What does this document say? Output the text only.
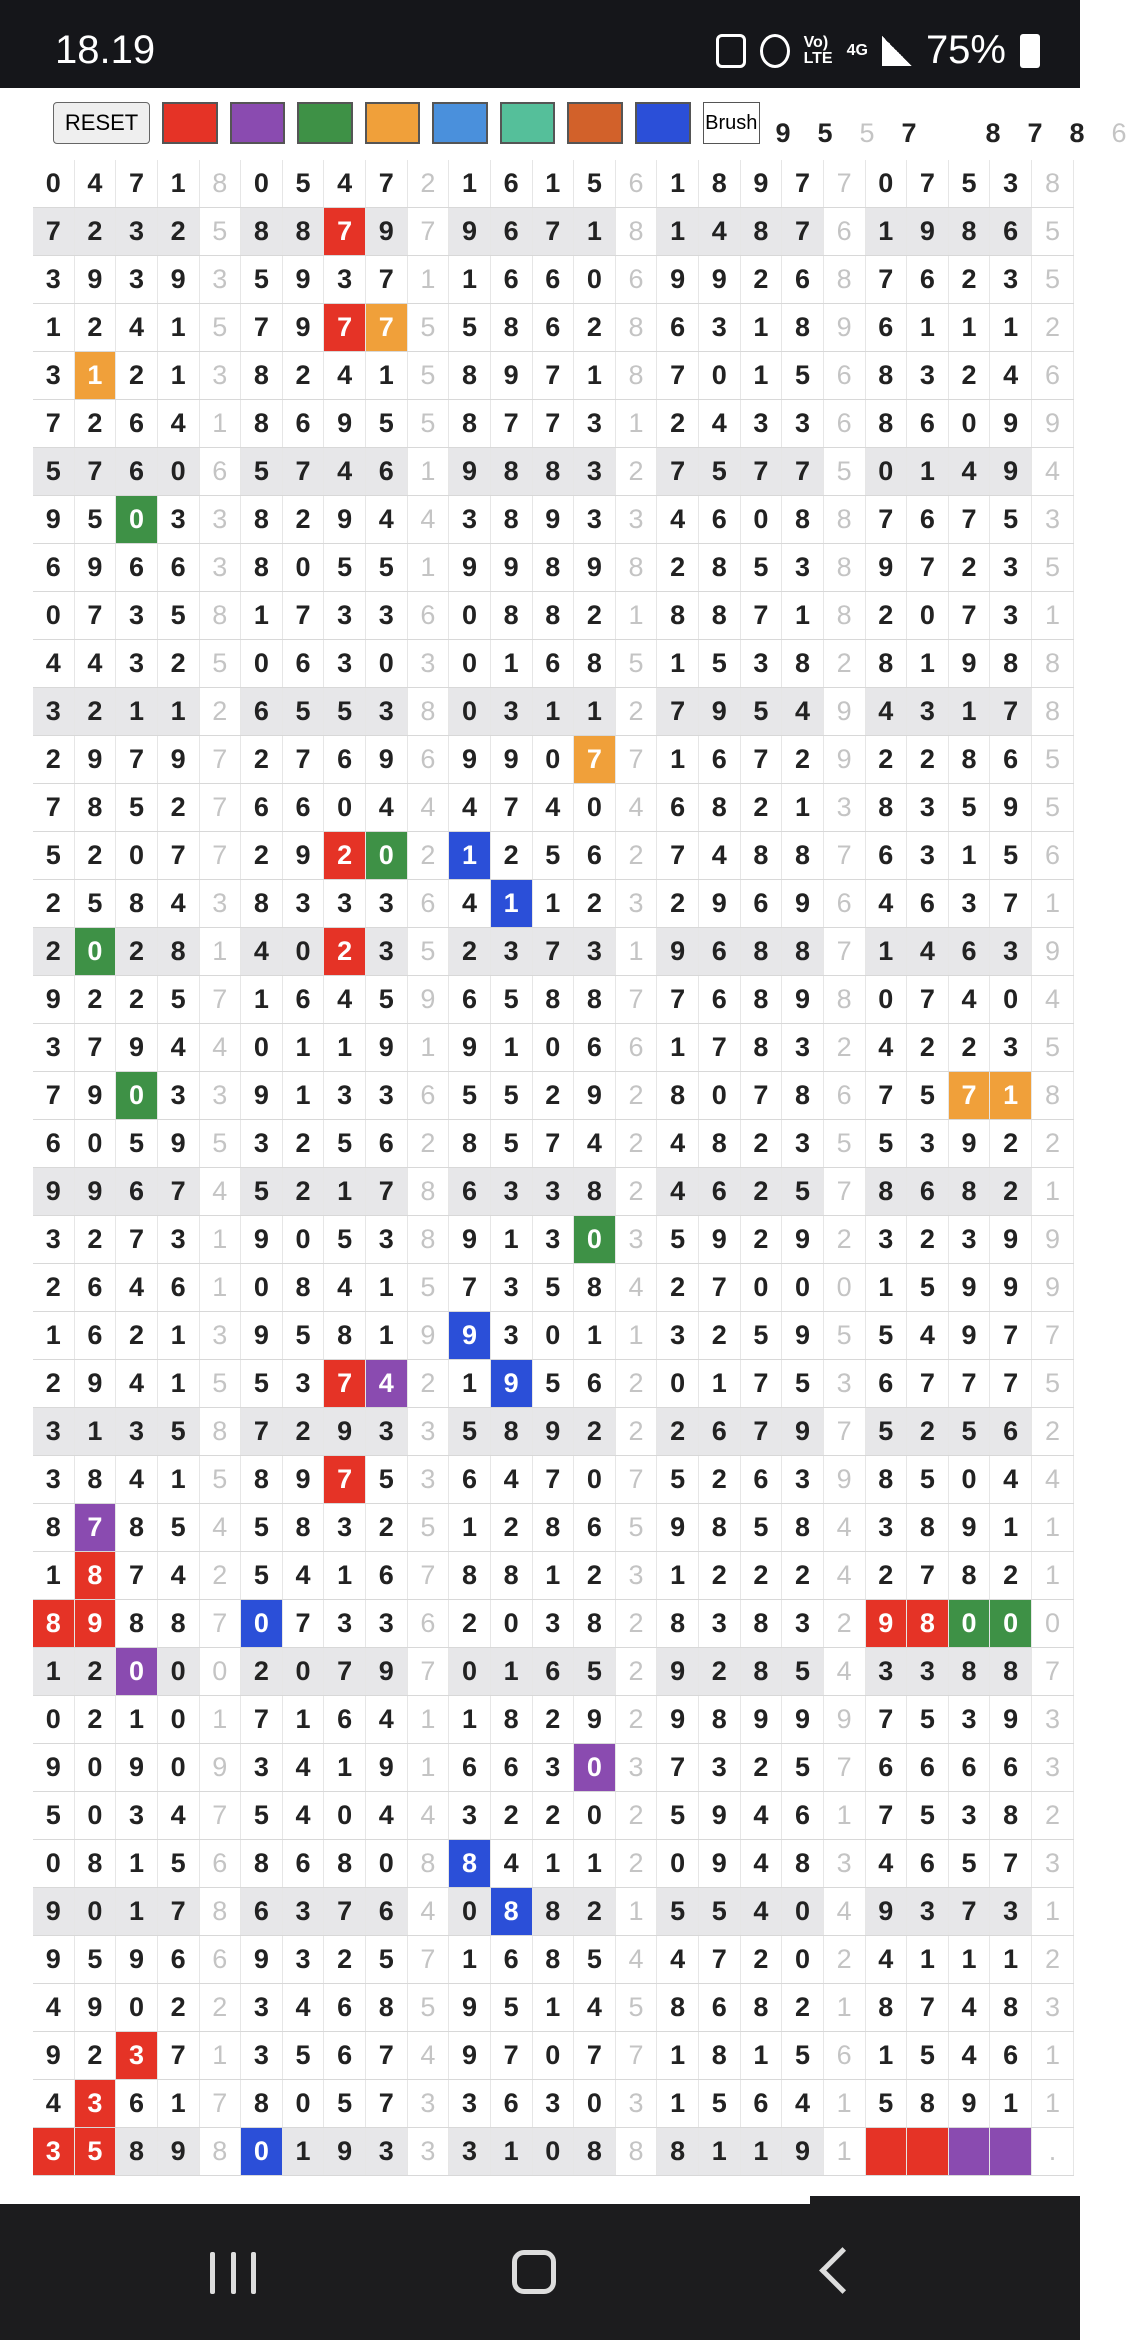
18.19	Vo)
LTE 4G 75%
9 5 5 7	8 7 8 6
RESET	Brush
0	4	7	1	8	0	5	4	7	2	1	6	1	5	6	1	8	9	7	7	0	7	5	3	8
7	2	3	2	5	8	8	7	9	7	9	6	7	1	8	1	4	8	7	6	1	9	8	6	5
3	9	3	9	3	5	9	3	7	1	1	6	6	0	6	9	9	2	6	8	7	6	2	3	5
1	2	4	1	5	7	9	7	7	5	5	8	6	2	8	6	3	1	8	9	6	1	1	1	2
3	1	2	1	3	8	2	4	1	5	8	9	7	1	8	7	0	1	5	6	8	3	2	4	6
7	2	6	4	1	8	6	9	5	5	8	7	7	3	1	2	4	3	3	6	8	6	0	9	9
5	7	6	0	6	5	7	4	6	1	9	8	8	3	2	7	5	7	7	5	0	1	4	9	4
9	5	0	3	3	8	2	9	4	4	3	8	9	3	3	4	6	0	8	8	7	6	7	5	3
6	9	6	6	3	8	0	5	5	1	9	9	8	9	8	2	8	5	3	8	9	7	2	3	5
0	7	3	5	8	1	7	3	3	6	0	8	8	2	1	8	8	7	1	8	2	0	7	3	1
4	4	3	2	5	0	6	3	0	3	0	1	6	8	5	1	5	3	8	2	8	1	9	8	8
3	2	1	1	2	6	5	5	3	8	0	3	1	1	2	7	9	5	4	9	4	3	1	7	8
2	9	7	9	7	2	7	6	9	6	9	9	0	7	7	1	6	7	2	9	2	2	8	6	5
7	8	5	2	7	6	6	0	4	4	4	7	4	0	4	6	8	2	1	3	8	3	5	9	5
5	2	0	7	7	2	9	2	0	2	1	2	5	6	2	7	4	8	8	7	6	3	1	5	6
2	5	8	4	3	8	3	3	3	6	4	1	1	2	3	2	9	6	9	6	4	6	3	7	1
2	0	2	8	1	4	0	2	3	5	2	3	7	3	1	9	6	8	8	7	1	4	6	3	9
9	2	2	5	7	1	6	4	5	9	6	5	8	8	7	7	6	8	9	8	0	7	4	0	4
3	7	9	4	4	0	1	1	9	1	9	1	0	6	6	1	7	8	3	2	4	2	2	3	5
7	9	0	3	3	9	1	3	3	6	5	5	2	9	2	8	0	7	8	6	7	5	7	1	8
6	0	5	9	5	3	2	5	6	2	8	5	7	4	2	4	8	2	3	5	5	3	9	2	2
9	9	6	7	4	5	2	1	7	8	6	3	3	8	2	4	6	2	5	7	8	6	8	2	1
3	2	7	3	1	9	0	5	3	8	9	1	3	0	3	5	9	2	9	2	3	2	3	9	9
2	6	4	6	1	0	8	4	1	5	7	3	5	8	4	2	7	0	0	0	1	5	9	9	9
1	6	2	1	3	9	5	8	1	9	9	3	0	1	1	3	2	5	9	5	5	4	9	7	7
2	9	4	1	5	5	3	7	4	2	1	9	5	6	2	0	1	7	5	3	6	7	7	7	5
3	1	3	5	8	7	2	9	3	3	5	8	9	2	2	2	6	7	9	7	5	2	5	6	2
3	8	4	1	5	8	9	7	5	3	6	4	7	0	7	5	2	6	3	9	8	5	0	4	4
8	7	8	5	4	5	8	3	2	5	1	2	8	6	5	9	8	5	8	4	3	8	9	1	1
1	8	7	4	2	5	4	1	6	7	8	8	1	2	3	1	2	2	2	4	2	7	8	2	1
8	9	8	8	7	0	7	3	3	6	2	0	3	8	2	8	3	8	3	2	9	8	0	0	0
1	2	0	0	0	2	0	7	9	7	0	1	6	5	2	9	2	8	5	4	3	3	8	8	7
0	2	1	0	1	7	1	6	4	1	1	8	2	9	2	9	8	9	9	9	7	5	3	9	3
9	0	9	0	9	3	4	1	9	1	6	6	3	0	3	7	3	2	5	7	6	6	6	6	3
5	0	3	4	7	5	4	0	4	4	3	2	2	0	2	5	9	4	6	1	7	5	3	8	2
0	8	1	5	6	8	6	8	0	8	8	4	1	1	2	0	9	4	8	3	4	6	5	7	3
9	0	1	7	8	6	3	7	6	4	0	8	8	2	1	5	5	4	0	4	9	3	7	3	1
9	5	9	6	6	9	3	2	5	7	1	6	8	5	4	4	7	2	0	2	4	1	1	1	2
4	9	0	2	2	3	4	6	8	5	9	5	1	4	5	8	6	8	2	1	8	7	4	8	3
9	2	3	7	1	3	5	6	7	4	9	7	0	7	7	1	8	1	5	6	1	5	4	6	1
4	3	6	1	7	8	0	5	7	3	3	6	3	0	3	1	5	6	4	1	5	8	9	1	1
3	5	8	9	8	0	1	9	3	3	3	1	0	8	8	8	1	1	9	1					.
